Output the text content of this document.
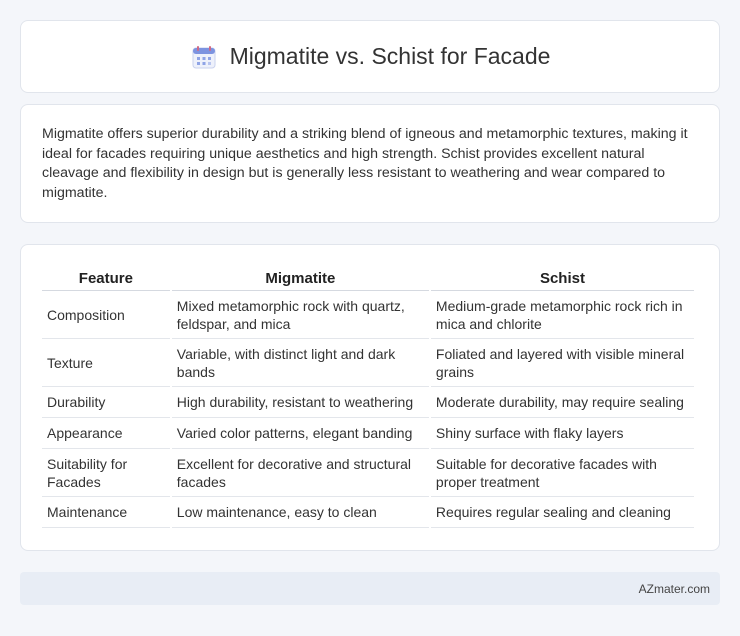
Migmatite vs. Schist for Facade

Migmatite offers superior durability and a striking blend of igneous and metamorphic textures, making it ideal for facades requiring unique aesthetics and high strength. Schist provides excellent natural cleavage and flexibility in design but is generally less resistant to weathering and wear compared to migmatite.

Feature	Migmatite	Schist
Composition	Mixed metamorphic rock with quartz, feldspar, and mica	Medium-grade metamorphic rock rich in mica and chlorite
Texture	Variable, with distinct light and dark bands	Foliated and layered with visible mineral grains
Durability	High durability, resistant to weathering	Moderate durability, may require sealing
Appearance	Varied color patterns, elegant banding	Shiny surface with flaky layers
Suitability for Facades	Excellent for decorative and structural facades	Suitable for decorative facades with proper treatment
Maintenance	Low maintenance, easy to clean	Requires regular sealing and cleaning
AZmater.com
